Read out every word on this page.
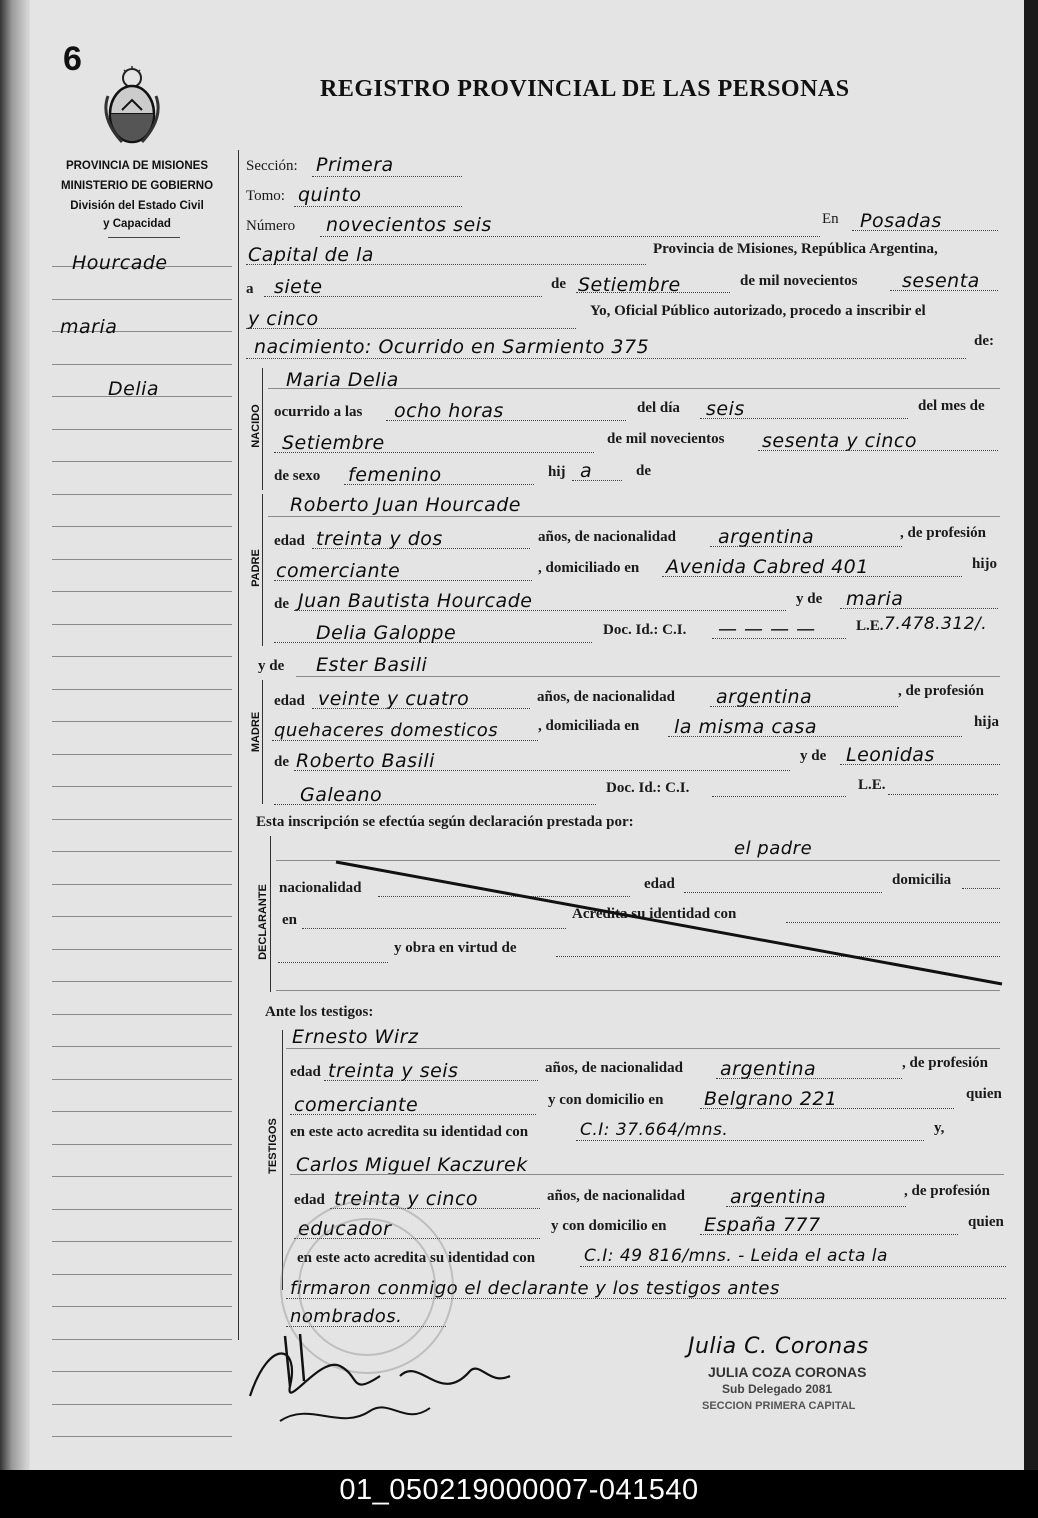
6
REGISTRO PROVINCIAL DE LAS PERSONAS
PROVINCIA DE MISIONES
MINISTERIO DE GOBIERNO
División del Estado Civil
y Capacidad
Hourcade
maria
Delia
Sección: Primera
Tomo: quinto
Número novecientos seis	En Posadas
Capital de la	Provincia de Misiones, República Argentina,
a siete	de Setiembre	de mil novecientos sesenta
y cinco	Yo, Oficial Público autorizado, procedo a inscribir el
nacimiento: Ocurrido en Sarmiento 375	de:
NACIDO
Maria Delia
ocurrido a las ocho horas	del día seis	del mes de
Setiembre	de mil novecientos sesenta y cinco
de sexo femenino	hij a	de
PADRE
Roberto Juan Hourcade
edad treinta y dos	años, de nacionalidad argentina	, de profesión
comerciante	, domiciliado en Avenida Cabred 401	hijo
de Juan Bautista Hourcade	y de maria
Delia Galoppe	Doc. Id.: C.I. — — — —	L.E. 7.478.312/.
y de
MADRE
Ester Basili
edad veinte y cuatro	años, de nacionalidad argentina	, de profesión
quehaceres domesticos	, domiciliada en la misma casa	hija
de Roberto Basili	y de Leonidas
Galeano	Doc. Id.: C.I.	L.E.
Esta inscripción se efectúa según declaración prestada por:
DECLARANTE
el padre
nacionalidad	edad	domicilia
en	Acredita su identidad con
y obra en virtud de
Ante los testigos:
TESTIGOS
Ernesto Wirz
edad treinta y seis	años, de nacionalidad argentina	, de profesión
comerciante	y con domicilio en Belgrano 221	quien
en este acto acredita su identidad con	C.I: 37.664/mns.	y,
Carlos Miguel Kaczurek
edad treinta y cinco	años, de nacionalidad argentina	, de profesión
educador	y con domicilio en España 777	quien
en este acto acredita su identidad con	C.I: 49 816/mns. - Leida el acta la
firmaron conmigo el declarante y los testigos antes
nombrados.
Julia C. Coronas
JULIA COZA CORONAS
Sub Delegado 2081
SECCION PRIMERA CAPITAL
01_050219000007-041540
